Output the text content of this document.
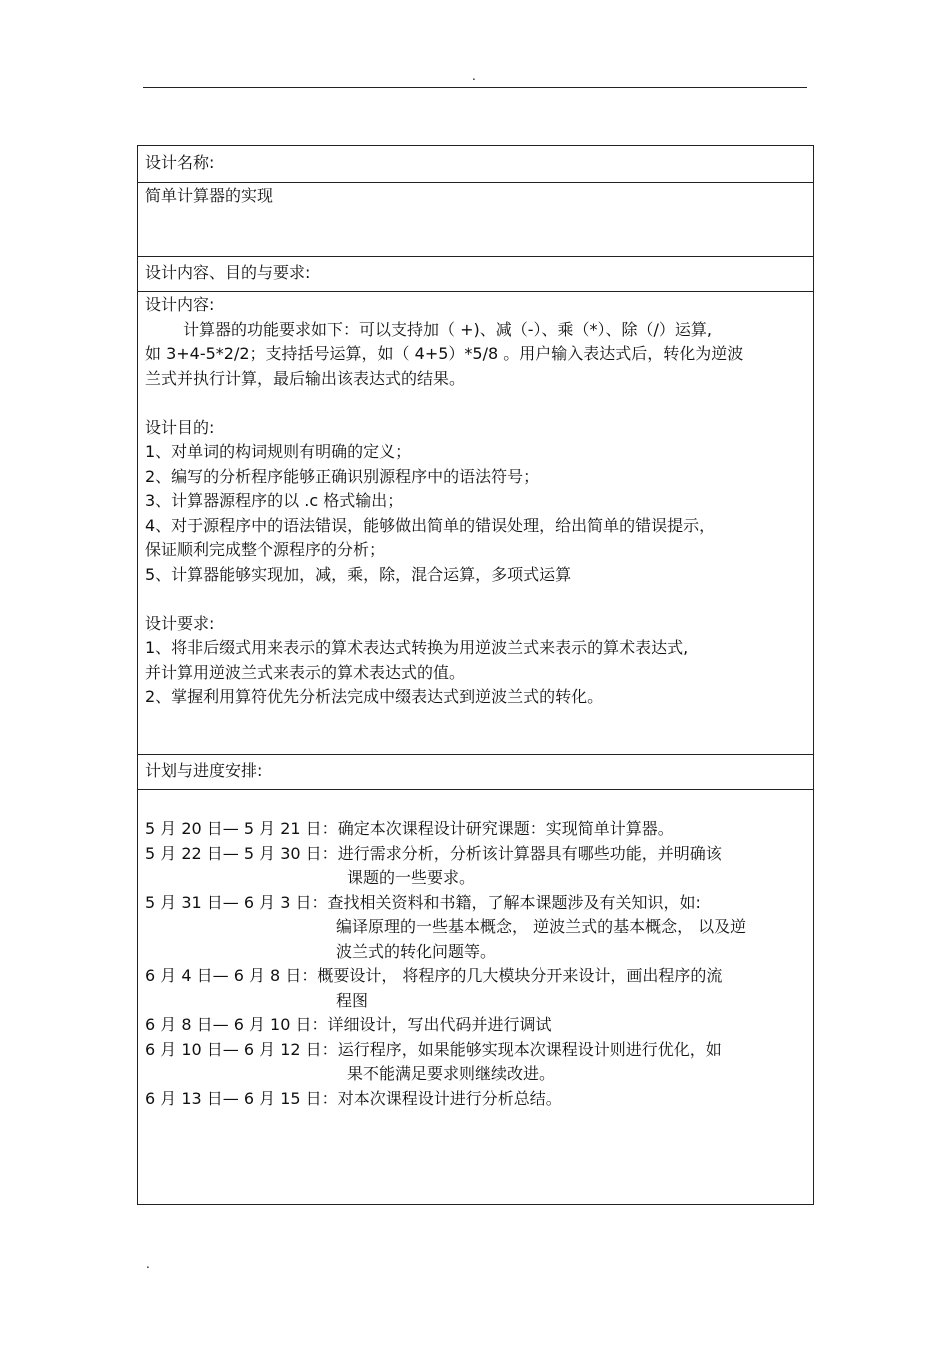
.
设计名称:
简单计算器的实现
设计内容、目的与要求:
设计内容:
计算器的功能要求如下：可以支持加（ +)、减（-）、乘（*）、除（/）运算,
如 3+4-5*2/2；支持括号运算，如（ 4+5）*5/8 。用户输入表达式后，转化为逆波
兰式并执行计算，最后输出该表达式的结果。
设计目的:
1、对单词的构词规则有明确的定义；
2、编写的分析程序能够正确识别源程序中的语法符号；
3、计算器源程序的以 .c 格式输出；
4、对于源程序中的语法错误，能够做出简单的错误处理，给出简单的错误提示，
保证顺利完成整个源程序的分析；
5、计算器能够实现加，减，乘，除，混合运算，多项式运算
设计要求:
1、将非后缀式用来表示的算术表达式转换为用逆波兰式来表示的算术表达式,
并计算用逆波兰式来表示的算术表达式的值。
2、掌握利用算符优先分析法完成中缀表达式到逆波兰式的转化。
计划与进度安排:
5 月 20 日— 5 月 21 日： 确定本次课程设计研究课题：实现简单计算器。
5 月 22 日— 5 月 30 日： 进行需求分析，分析该计算器具有哪些功能，并明确该
课题的一些要求。
5 月 31 日— 6 月 3 日： 查找相关资料和书籍，了解本课题涉及有关知识，如:
编译原理的一些基本概念， 逆波兰式的基本概念， 以及逆
波兰式的转化问题等。
6 月 4 日— 6 月 8 日： 概要设计， 将程序的几大模块分开来设计，画出程序的流
程图
6 月 8 日— 6 月 10 日： 详细设计，写出代码并进行调试
6 月 10 日— 6 月 12 日： 运行程序，如果能够实现本次课程设计则进行优化，如
果不能满足要求则继续改进。
6 月 13 日— 6 月 15 日： 对本次课程设计进行分析总结。
.
